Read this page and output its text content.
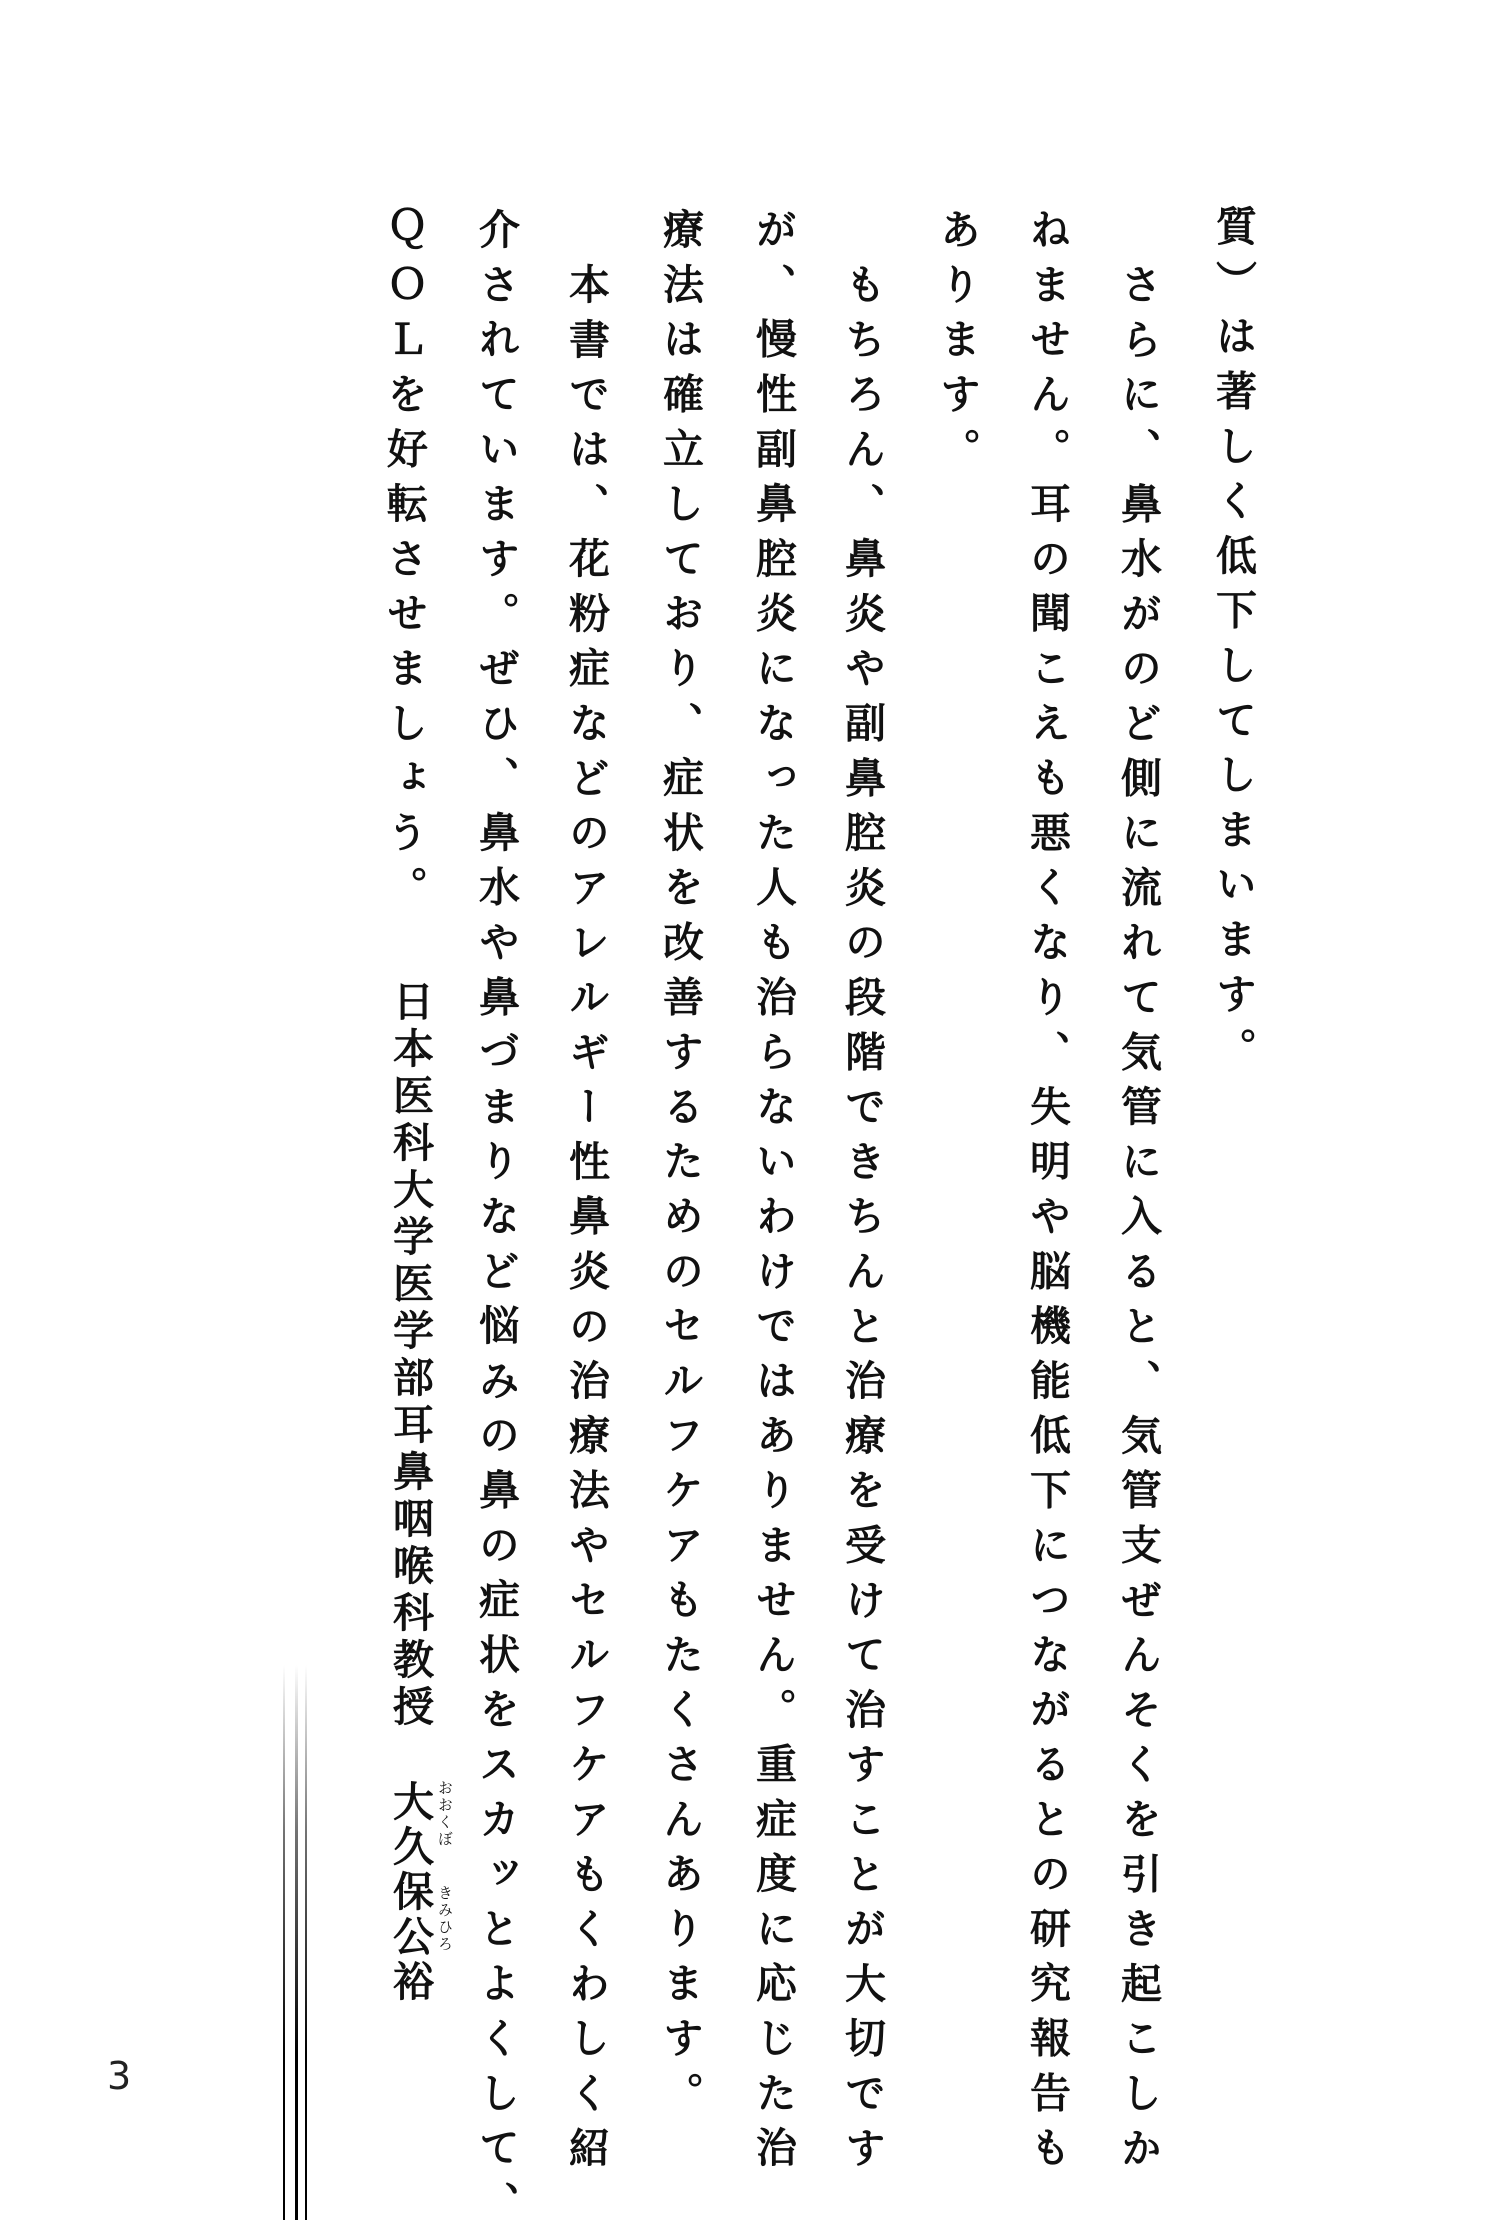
質）は著しく低下してしまいます。
さらに、鼻水がのど側に流れて気管に入ると、気管支ぜんそくを引き起こしか
ねません。耳の聞こえも悪くなり、失明や脳機能低下につながるとの研究報告も
あります。
もちろん、鼻炎や副鼻腔炎の段階できちんと治療を受けて治すことが大切です
が、慢性副鼻腔炎になった人も治らないわけではありません。重症度に応じた治
療法は確立しており、症状を改善するためのセルフケアもたくさんあります。
本書では、花粉症などのアレルギー性鼻炎の治療法やセルフケアもくわしく紹
介されています。ぜひ、鼻水や鼻づまりなど悩みの鼻の症状をスカッとよくして、
ＱＯＬを好転させましょう。
日本医科大学医学部耳鼻咽喉科教授
大久保公裕 おおくぼ
きみひろ
3
